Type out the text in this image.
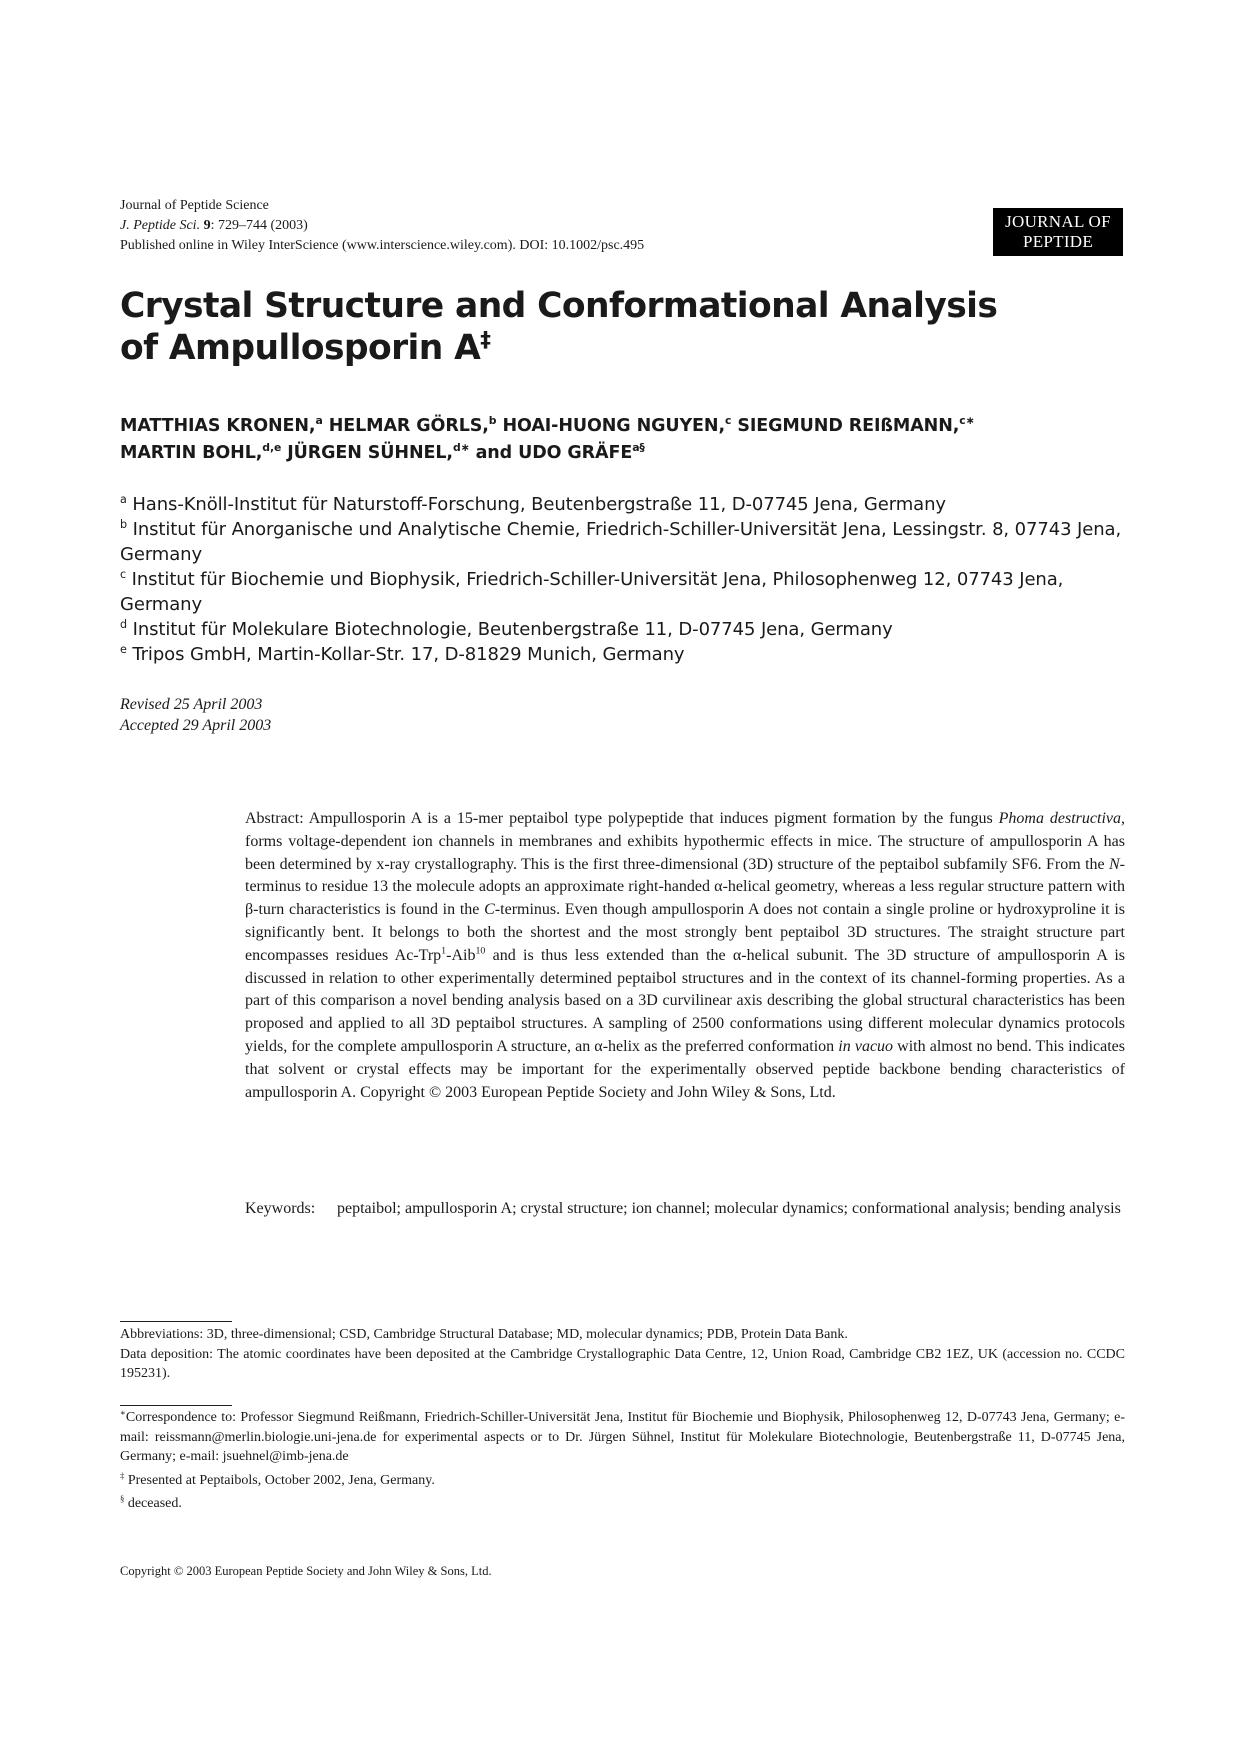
Journal of Peptide Science
J. Peptide Sci. 9: 729–744 (2003)
Published online in Wiley InterScience (www.interscience.wiley.com). DOI: 10.1002/psc.495
JOURNAL OF
PEPTIDE SCIENCE
Crystal Structure and Conformational Analysis
of Ampullosporin A‡
MATTHIAS KRONEN,$^a$ HELMAR GÖRLS,$^b$ HOAI-HUONG NGUYEN,$^c$ SIEGMUND REIßMANN,$^{c∗}$
MARTIN BOHL,$^{d,e}$ JÜRGEN SÜHNEL,$^{d∗}$ and UDO $GRÄFE^{a\S}$
$^a$ Hans-Knöll-Institut für Naturstoff-Forschung, Beutenbergstraße 11, D-07745 Jena, Germany
$^b$ Institut für Anorganische und Analytische Chemie, Friedrich-Schiller-Universität Jena, Lessingstr. 8, 07743 Jena, Germany
$^c$ Institut für Biochemie und Biophysik, Friedrich-Schiller-Universität Jena, Philosophenweg 12, 07743 Jena, Germany
$^d$ Institut für Molekulare Biotechnologie, Beutenbergstraße 11, D-07745 Jena, Germany
$^e$ Tripos GmbH, Martin-Kollar-Str. 17, D-81829 Munich, Germany
Revised 25 April 2003
Accepted 29 April 2003
Abstract: Ampullosporin A is a 15-mer peptaibol type polypeptide that induces pigment formation by the fungus Phoma destructiva, forms voltage-dependent ion channels in membranes and exhibits hypothermic effects in mice. The structure of ampullosporin A has been determined by x-ray crystallography. This is the first three-dimensional (3D) structure of the peptaibol subfamily SF6. From the N-terminus to residue 13 the molecule adopts an approximate right-handed α-helical geometry, whereas a less regular structure pattern with β-turn characteristics is found in the C-terminus. Even though ampullosporin A does not contain a single proline or hydroxyproline it is significantly bent. It belongs to both the shortest and the most strongly bent peptaibol 3D structures. The straight structure part encompasses residues Ac-Trp$^1$-Aib$^{10}$ and is thus less extended than the α-helical subunit. The 3D structure of ampullosporin A is discussed in relation to other experimentally determined peptaibol structures and in the context of its channel-forming properties. As a part of this comparison a novel bending analysis based on a 3D curvilinear axis describing the global structural characteristics has been proposed and applied to all 3D peptaibol structures. A sampling of 2500 conformations using different molecular dynamics protocols yields, for the complete ampullosporin A structure, an α-helix as the preferred conformation in vacuo with almost no bend. This indicates that solvent or crystal effects may be important for the experimentally observed peptide backbone bending characteristics of ampullosporin A. Copyright © 2003 European Peptide Society and John Wiley & Sons, Ltd.
Keywords: peptaibol; ampullosporin A; crystal structure; ion channel; molecular dynamics; conformational analysis; bending analysis
Abbreviations: 3D, three-dimensional; CSD, Cambridge Structural Database; MD, molecular dynamics; PDB, Protein Data Bank.
Data deposition: The atomic coordinates have been deposited at the Cambridge Crystallographic Data Centre, 12, Union Road, Cambridge CB2 1EZ, UK (accession no. CCDC 195231).
∗Correspondence to: Professor Siegmund Reißmann, Friedrich-Schiller-Universität Jena, Institut für Biochemie und Biophysik, Philosophenweg 12, D-07743 Jena, Germany; e-mail: reissmann@merlin.biologie.uni-jena.de for experimental aspects or to Dr. Jürgen Sühnel, Institut für Molekulare Biotechnologie, Beutenbergstraße 11, D-07745 Jena, Germany; e-mail: jsuehnel@imb-jena.de
‡ Presented at Peptaibols, October 2002, Jena, Germany.
§ deceased.
Copyright © 2003 European Peptide Society and John Wiley & Sons, Ltd.
